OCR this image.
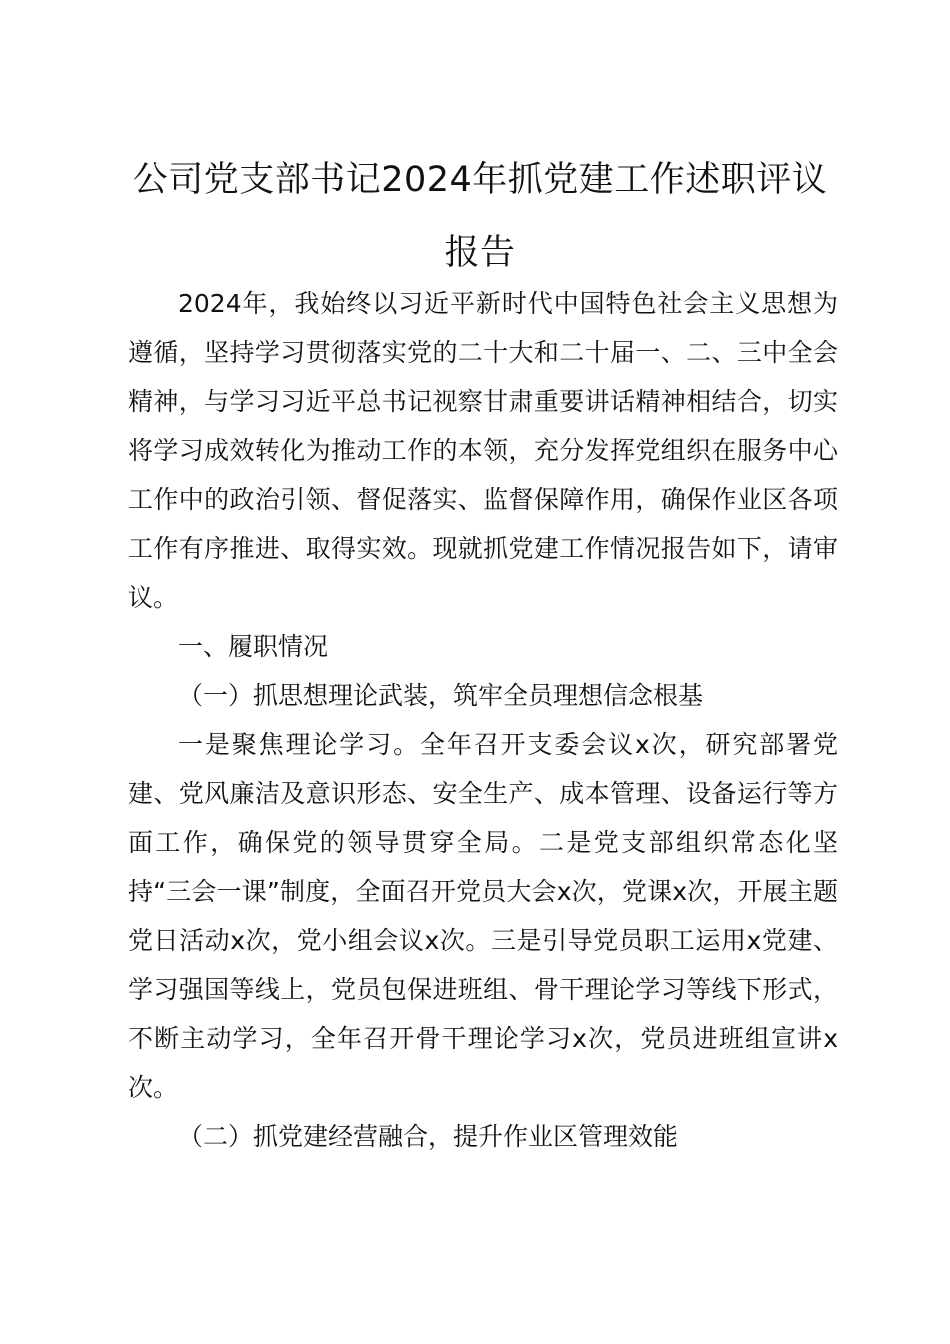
公司党支部书记2024年抓党建工作述职评议
报告

2024年，我始终以习近平新时代中国特色社会主义思想为遵循，坚持学习贯彻落实党的二十大和二十届一、二、三中全会精神，与学习习近平总书记视察甘肃重要讲话精神相结合，切实将学习成效转化为推动工作的本领，充分发挥党组织在服务中心工作中的政治引领、督促落实、监督保障作用，确保作业区各项工作有序推进、取得实效。现就抓党建工作情况报告如下，请审议。

一、履职情况

（一）抓思想理论武装，筑牢全员理想信念根基

一是聚焦理论学习。全年召开支委会议x次，研究部署党建、党风廉洁及意识形态、安全生产、成本管理、设备运行等方面工作，确保党的领导贯穿全局。二是党支部组织常态化坚持“三会一课”制度，全面召开党员大会x次，党课x次，开展主题党日活动x次，党小组会议x次。三是引导党员职工运用x党建、学习强国等线上，党员包保进班组、骨干理论学习等线下形式，不断主动学习，全年召开骨干理论学习x次，党员进班组宣讲x次。

（二）抓党建经营融合，提升作业区管理效能
